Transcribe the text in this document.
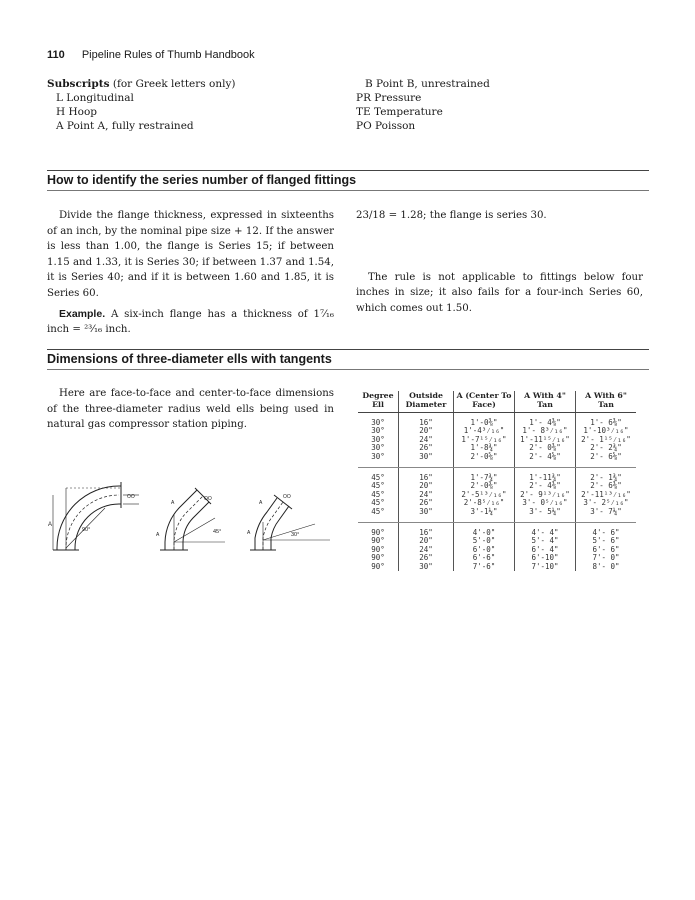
110 Pipeline Rules of Thumb Handbook
Subscripts (for Greek letters only)
L Longitudinal
H Hoop
A Point A, fully restrained
B Point B, unrestrained
PR Pressure
TE Temperature
PO Poisson
How to identify the series number of flanged fittings
Divide the flange thickness, expressed in sixteenths of an inch, by the nominal pipe size + 12. If the answer is less than 1.00, the flange is Series 15; if between 1.15 and 1.33, it is Series 30; if between 1.37 and 1.54, it is Series 40; and if it is between 1.60 and 1.85, it is Series 60.
Example. A six-inch flange has a thickness of 1⁷⁄₁₆ inch = ²³⁄₁₆ inch.
23/18 = 1.28; the flange is series 30.
The rule is not applicable to fittings below four inches in size; it also fails for a four-inch Series 60, which comes out 1.50.
Dimensions of three-diameter ells with tangents
Here are face-to-face and center-to-face dimensions of the three-diameter radius weld ells being used in natural gas compressor station piping.
A
OO
90°
A
A
OO
45°	A
A
OO
30°
Degree Ell	Outside Diameter	A (Center To Face)	A With 4" Tan	A With 6" Tan

30°	16"	1'-0⅜"	1'- 4⅜"	1'- 6⅜"
30°	20"	1'-4³⁄₁₆"	1'- 8³⁄₁₆"	1'-10³⁄₁₆"
30°	24"	1'-7¹⁵⁄₁₆"	1'-11¹⁵⁄₁₆"	2'- 1¹⁵⁄₁₆"
30°	26"	1'-8¾"	2'- 0⅜"	2'- 2¾"
30°	30"	2'-0⅝"	2'- 4⅝"	2'- 6⅝"

45°	16"	1'-7¾"	1'-11¾"	2'- 1¾"
45°	20"	2'-0⅜"	2'- 4⅜"	2'- 6⅜"
45°	24"	2'-5¹³⁄₁₆"	2'- 9¹³⁄₁₆"	2'-11¹³⁄₁₆"
45°	26"	2'-8⁵⁄₁₆"	3'- 0⁵⁄₁₆"	3'- 2⁵⁄₁₆"
45°	30"	3'-1¼"	3'- 5¼"	3'- 7¼"

90°	16"	4'-0"	4'- 4"	4'- 6"
90°	20"	5'-0"	5'- 4"	5'- 6"
90°	24"	6'-0"	6'- 4"	6'- 6"
90°	26"	6'-6"	6'-10"	7'- 0"
90°	30"	7'-6"	7'-10"	8'- 0"
